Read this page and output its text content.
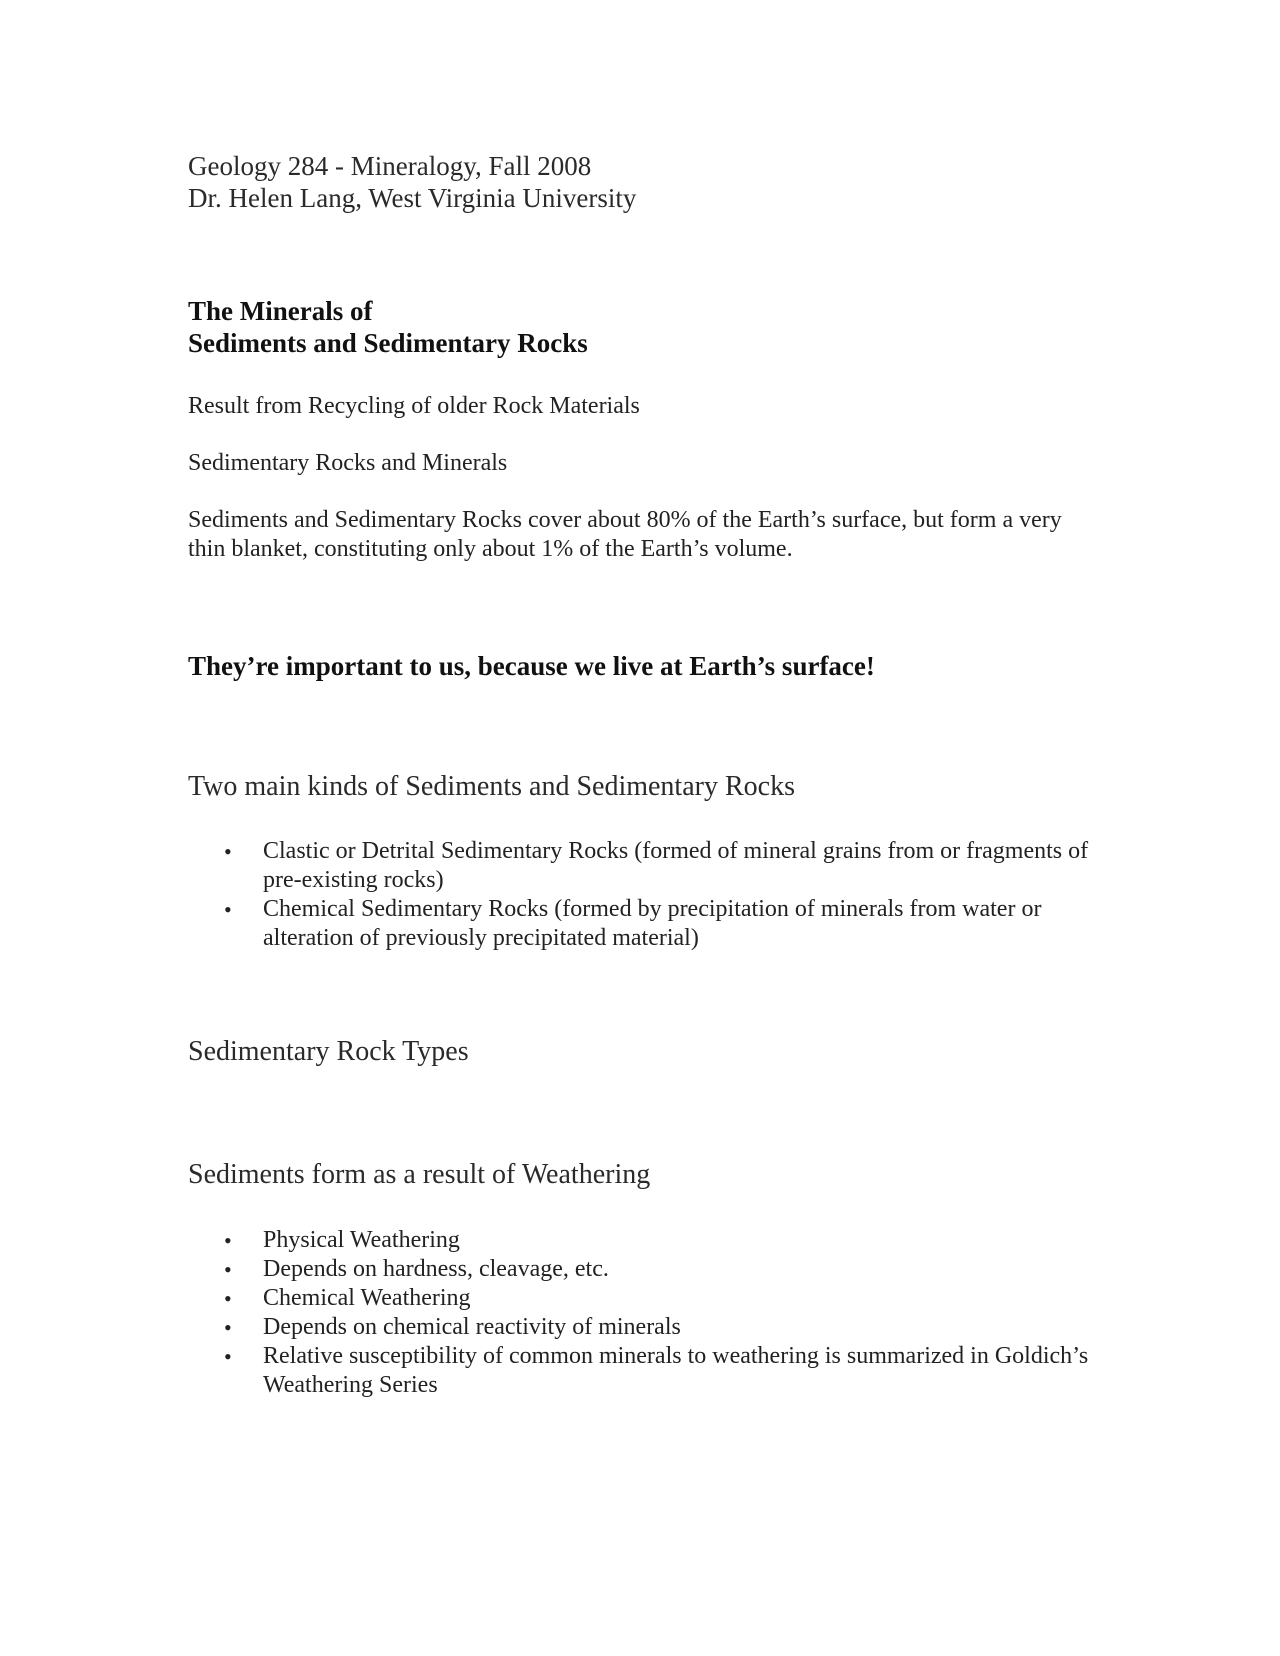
Geology 284 - Mineralogy, Fall 2008
Dr. Helen Lang, West Virginia University
The Minerals of
Sediments and Sedimentary Rocks

Result from Recycling of older Rock Materials

Sedimentary Rocks and Minerals

Sediments and Sedimentary Rocks cover about 80% of the Earth’s surface, but form a very thin blanket, constituting only about 1% of the Earth’s volume.

They’re important to us, because we live at Earth’s surface!

Two main kinds of Sediments and Sedimentary Rocks
• Clastic or Detrital Sedimentary Rocks (formed of mineral grains from or fragments of pre-existing rocks)
• Chemical Sedimentary Rocks (formed by precipitation of minerals from water or alteration of previously precipitated material)
Sedimentary Rock Types
Sediments form as a result of Weathering
• Physical Weathering
• Depends on hardness, cleavage, etc.
• Chemical Weathering
• Depends on chemical reactivity of minerals
• Relative susceptibility of common minerals to weathering is summarized in Goldich’s Weathering Series
